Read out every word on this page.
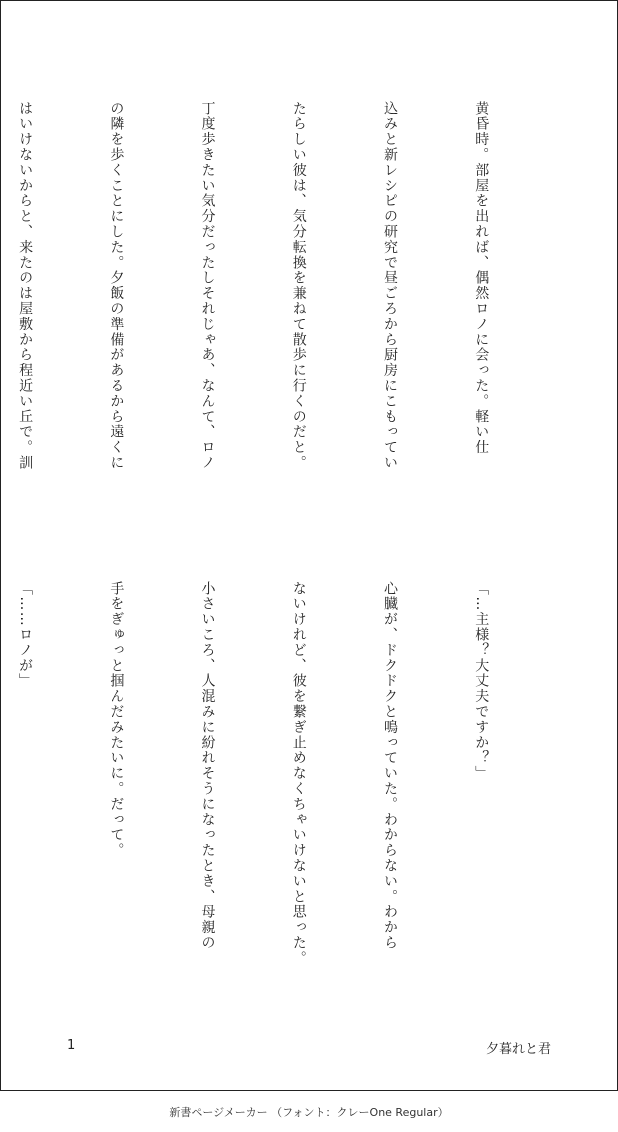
黄昏時。部屋を出れば、偶然ロノに会った。軽い仕

込みと新レシピの研究で昼ごろから厨房にこもってい

たらしい彼は、気分転換を兼ねて散歩に行くのだと。

丁度歩きたい気分だったしそれじゃあ、なんて、ロノ

の隣を歩くことにした。夕飯の準備があるから遠くに

はいけないからと、来たのは屋敷から程近い丘で。訓

「…主様？大丈夫ですか？」

心臓が、ドクドクと鳴っていた。わからない。わから

ないけれど、彼を繋ぎ止めなくちゃいけないと思った。

小さいころ、人混みに紛れそうになったとき、母親の

手をぎゅっと掴んだみたいに。だって。

「……ロノが」

1	夕暮れと君
新書ページメーカー （フォント：クレーOne Regular）
